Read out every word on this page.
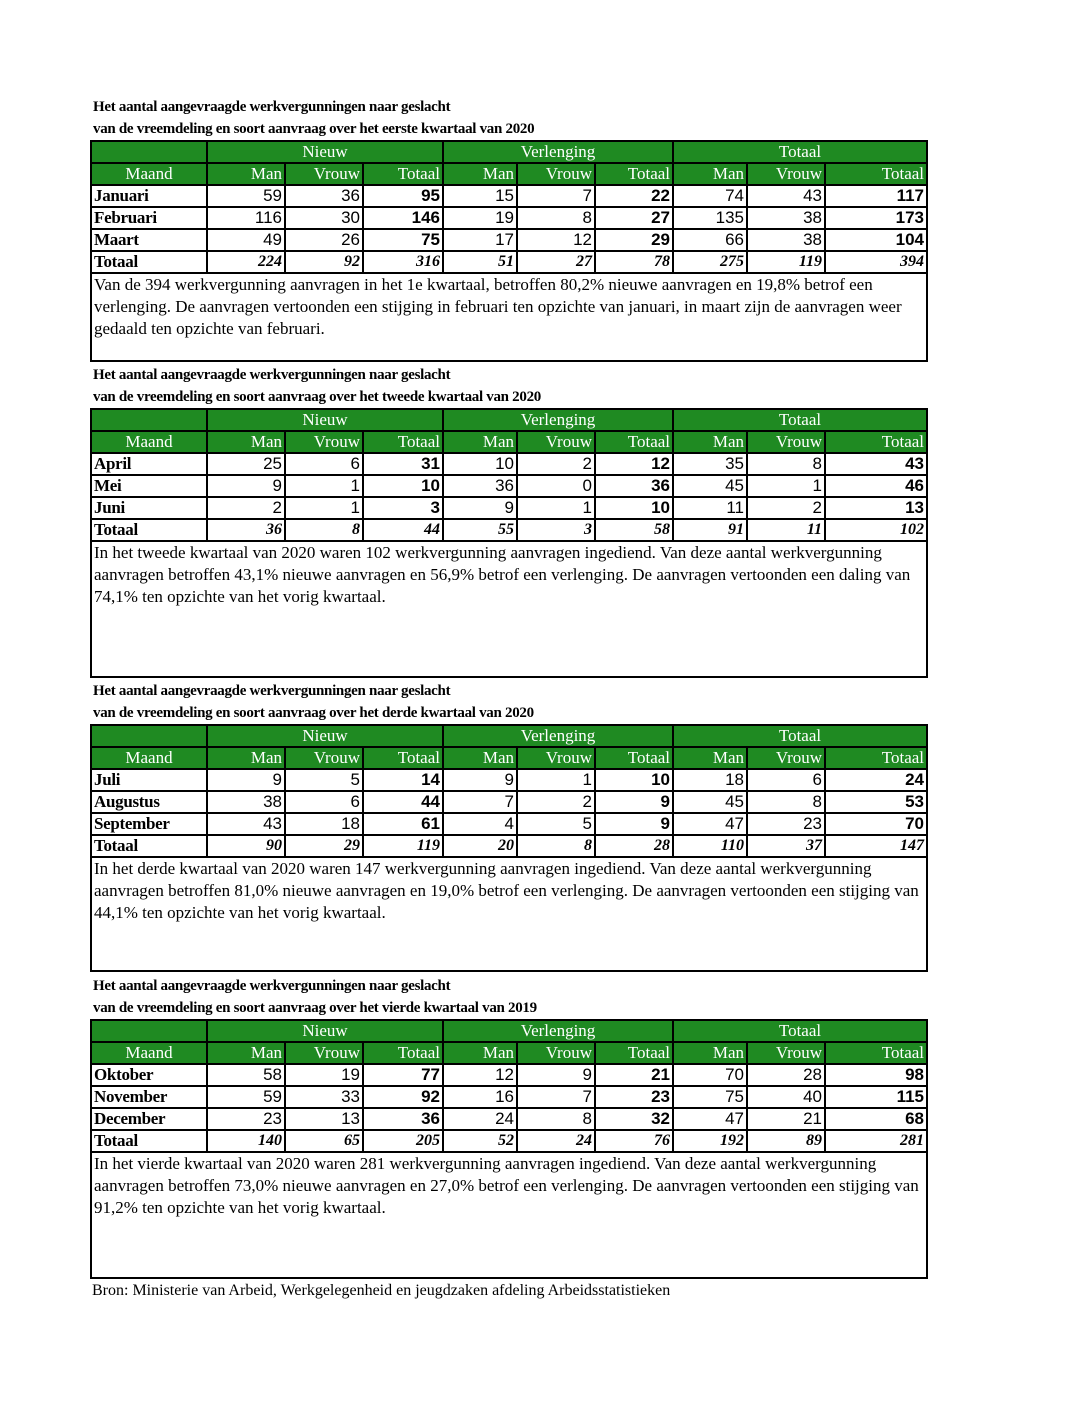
Het aantal aangevraagde werkvergunningen naar geslacht
van de vreemdeling en soort aanvraag over het eerste kwartaal van 2020
	Nieuw			Verlenging			Totaal		
Maand	Man	Vrouw	Totaal	Man	Vrouw	Totaal	Man	Vrouw	Totaal
Januari	59	36	95	15	7	22	74	43	117
Februari	116	30	146	19	8	27	135	38	173
Maart	49	26	75	17	12	29	66	38	104
Totaal	224	92	316	51	27	78	275	119	394
Van de 394 werkvergunning aanvragen in het 1e kwartaal, betroffen 80,2% nieuwe aanvragen en 19,8% betrof een verlenging. De aanvragen vertoonden een stijging in februari ten opzichte van januari, in maart zijn de aanvragen weer gedaald ten opzichte van februari.									
Het aantal aangevraagde werkvergunningen naar geslacht
van de vreemdeling en soort aanvraag over het tweede kwartaal van 2020
	Nieuw			Verlenging			Totaal		
Maand	Man	Vrouw	Totaal	Man	Vrouw	Totaal	Man	Vrouw	Totaal
April	25	6	31	10	2	12	35	8	43
Mei	9	1	10	36	0	36	45	1	46
Juni	2	1	3	9	1	10	11	2	13
Totaal	36	8	44	55	3	58	91	11	102
In het tweede kwartaal van 2020 waren 102 werkvergunning aanvragen ingediend. Van deze aantal werkvergunning aanvragen betroffen 43,1% nieuwe aanvragen en 56,9% betrof een verlenging. De aanvragen vertoonden een daling van 74,1% ten opzichte van het vorig kwartaal.									
Het aantal aangevraagde werkvergunningen naar geslacht
van de vreemdeling en soort aanvraag over het derde kwartaal van 2020
	Nieuw			Verlenging			Totaal		
Maand	Man	Vrouw	Totaal	Man	Vrouw	Totaal	Man	Vrouw	Totaal
Juli	9	5	14	9	1	10	18	6	24
Augustus	38	6	44	7	2	9	45	8	53
September	43	18	61	4	5	9	47	23	70
Totaal	90	29	119	20	8	28	110	37	147
In het derde kwartaal van 2020 waren 147 werkvergunning aanvragen ingediend. Van deze aantal werkvergunning aanvragen betroffen 81,0% nieuwe aanvragen en 19,0% betrof een verlenging. De aanvragen vertoonden een stijging van 44,1% ten opzichte van het vorig kwartaal.									
Het aantal aangevraagde werkvergunningen naar geslacht
van de vreemdeling en soort aanvraag over het vierde kwartaal van 2019
	Nieuw			Verlenging			Totaal		
Maand	Man	Vrouw	Totaal	Man	Vrouw	Totaal	Man	Vrouw	Totaal
Oktober	58	19	77	12	9	21	70	28	98
November	59	33	92	16	7	23	75	40	115
December	23	13	36	24	8	32	47	21	68
Totaal	140	65	205	52	24	76	192	89	281
In het vierde kwartaal van 2020 waren 281 werkvergunning aanvragen ingediend. Van deze aantal werkvergunning aanvragen betroffen 73,0% nieuwe aanvragen en 27,0% betrof een verlenging. De aanvragen vertoonden een stijging van 91,2% ten opzichte van het vorig kwartaal.									
Bron: Ministerie van Arbeid, Werkgelegenheid en jeugdzaken afdeling Arbeidsstatistieken
